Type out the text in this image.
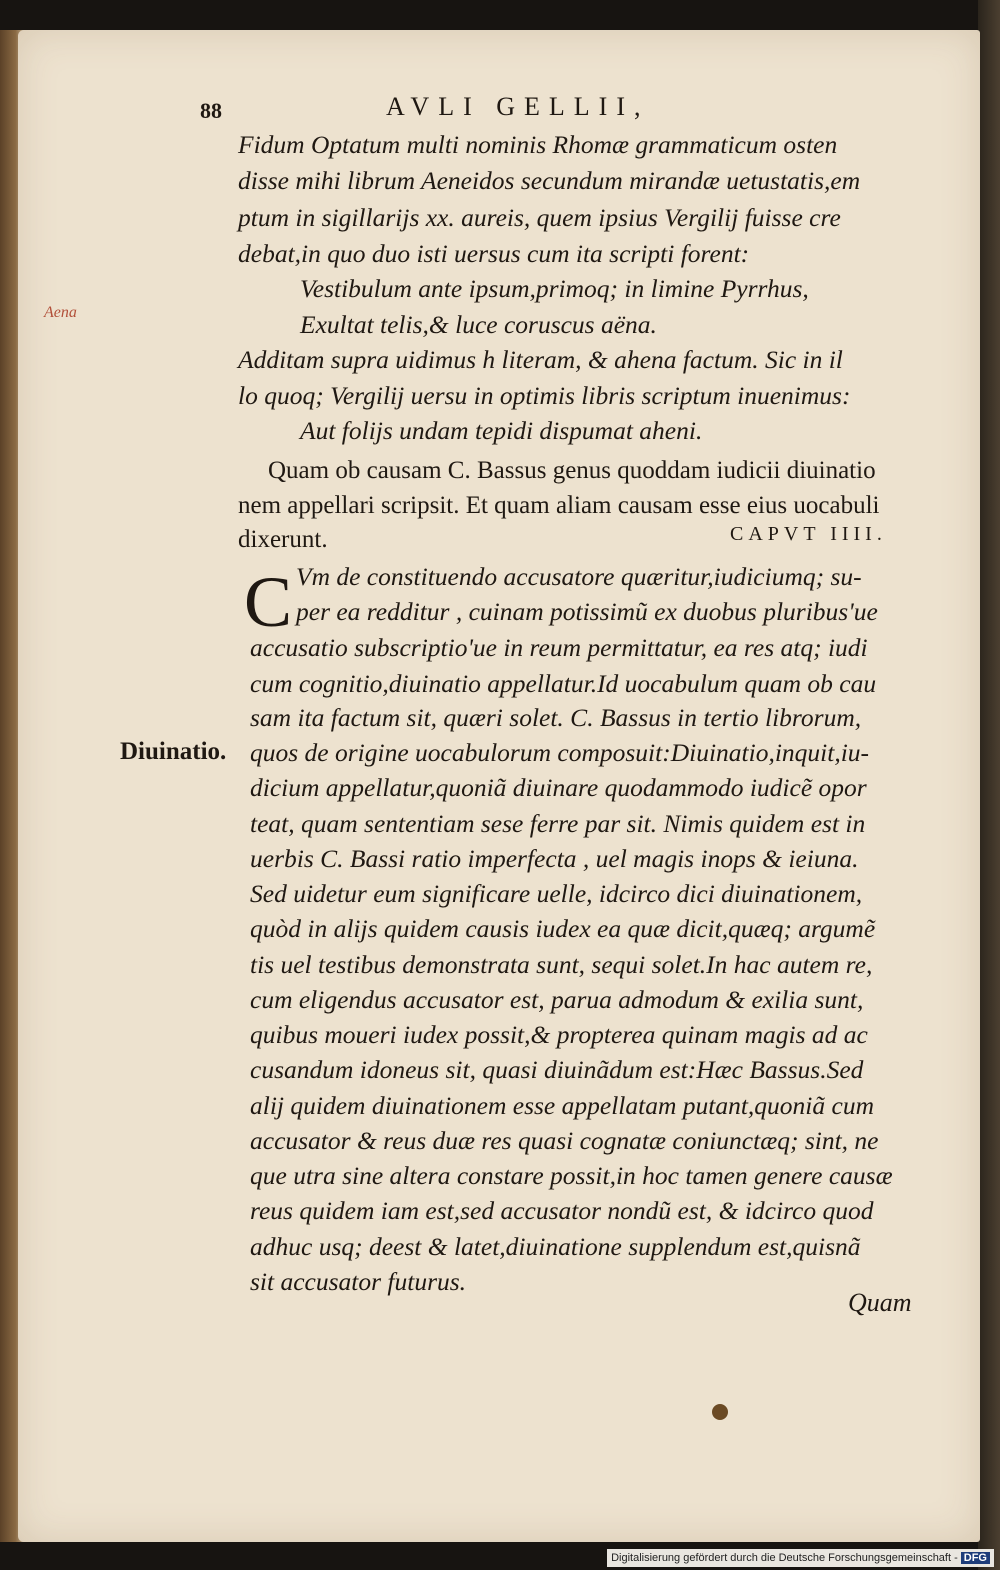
88	AVLI GELLII,
Aena
Fidum Optatum multi nominis Rhomæ grammaticum osten
disse mihi librum Aeneidos secundum mirandæ uetustatis,em
ptum in sigillarijs xx. aureis, quem ipsius Vergilij fuisse cre
debat,in quo duo isti uersus cum ita scripti forent:
Vestibulum ante ipsum,primoq; in limine Pyrrhus,
Exultat telis,& luce coruscus aëna.
Additam supra uidimus h literam, & ahena factum. Sic in il
lo quoq; Vergilij uersu in optimis libris scriptum inuenimus:
Aut folijs undam tepidi dispumat aheni.
Quam ob causam C. Bassus genus quoddam iudicii diuinatio
nem appellari scripsit. Et quam aliam causam esse eius uocabuli
dixerunt.	CAPVT IIII.
C Vm de constituendo accusatore quæritur,iudiciumq; su-
per ea redditur , cuinam potissimũ ex duobus pluribus'ue
accusatio subscriptio'ue in reum permittatur, ea res atq; iudi
cum cognitio,diuinatio appellatur.Id uocabulum quam ob cau
sam ita factum sit, quæri solet. C. Bassus in tertio librorum,
Diuinatio. quos de origine uocabulorum composuit:Diuinatio,inquit,iu-
dicium appellatur,quoniã diuinare quodammodo iudicẽ opor
teat, quam sententiam sese ferre par sit. Nimis quidem est in
uerbis C. Bassi ratio imperfecta , uel magis inops & ieiuna.
Sed uidetur eum significare uelle, idcirco dici diuinationem,
quòd in alijs quidem causis iudex ea quæ dicit,quæq; argumẽ
tis uel testibus demonstrata sunt, sequi solet.In hac autem re,
cum eligendus accusator est, parua admodum & exilia sunt,
quibus moueri iudex possit,& propterea quinam magis ad ac
cusandum idoneus sit, quasi diuinãdum est:Hæc Bassus.Sed
alij quidem diuinationem esse appellatam putant,quoniã cum
accusator & reus duæ res quasi cognatæ coniunctæq; sint, ne
que utra sine altera constare possit,in hoc tamen genere causæ
reus quidem iam est,sed accusator nondũ est, & idcirco quod
adhuc usq; deest & latet,diuinatione supplendum est,quisnã
sit accusator futurus.
Quam
Digitalisierung gefördert durch die Deutsche Forschungsgemeinschaft - DFG
